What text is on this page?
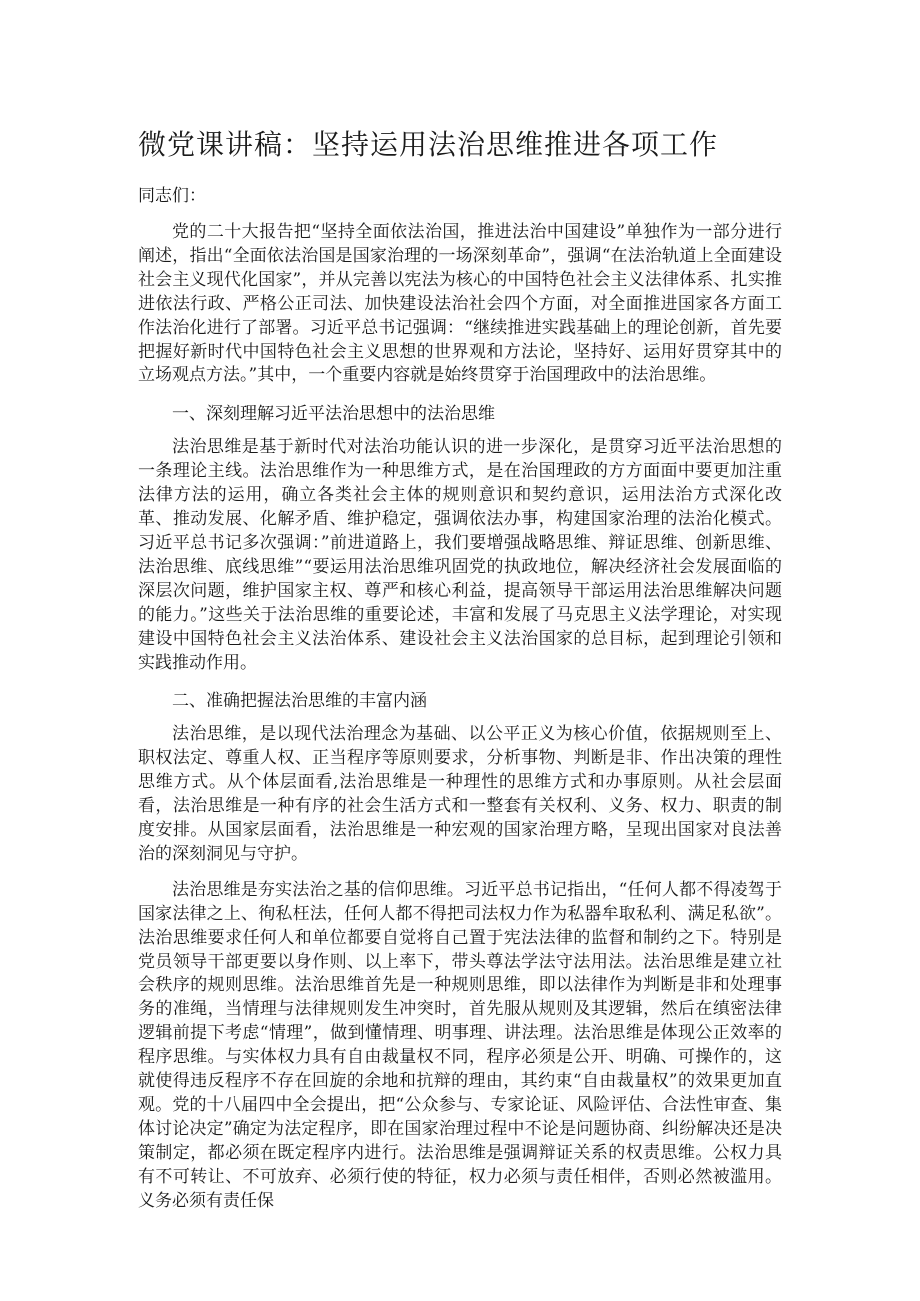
微党课讲稿：坚持运用法治思维推进各项工作

同志们：

党的二十大报告把“坚持全面依法治国，推进法治中国建设”单独作为一部分进行阐述，指出“全面依法治国是国家治理的一场深刻革命”，强调“在法治轨道上全面建设社会主义现代化国家”，并从完善以宪法为核心的中国特色社会主义法律体系、扎实推进依法行政、严格公正司法、加快建设法治社会四个方面，对全面推进国家各方面工作法治化进行了部署。习近平总书记强调：“继续推进实践基础上的理论创新，首先要把握好新时代中国特色社会主义思想的世界观和方法论，坚持好、运用好贯穿其中的立场观点方法。”其中，一个重要内容就是始终贯穿于治国理政中的法治思维。

一、深刻理解习近平法治思想中的法治思维

法治思维是基于新时代对法治功能认识的进一步深化，是贯穿习近平法治思想的一条理论主线。法治思维作为一种思维方式，是在治国理政的方方面面中要更加注重法律方法的运用，确立各类社会主体的规则意识和契约意识，运用法治方式深化改革、推动发展、化解矛盾、维护稳定，强调依法办事，构建国家治理的法治化模式。习近平总书记多次强调：”前进道路上，我们要增强战略思维、辩证思维、创新思维、法治思维、底线思维”“要运用法治思维巩固党的执政地位，解决经济社会发展面临的深层次问题，维护国家主权、尊严和核心利益，提高领导干部运用法治思维解决问题的能力。”这些关于法治思维的重要论述，丰富和发展了马克思主义法学理论，对实现建设中国特色社会主义法治体系、建设社会主义法治国家的总目标，起到理论引领和实践推动作用。

二、准确把握法治思维的丰富内涵

法治思维，是以现代法治理念为基础、以公平正义为核心价值，依据规则至上、职权法定、尊重人权、正当程序等原则要求，分析事物、判断是非、作出决策的理性思维方式。从个体层面看,法治思维是一种理性的思维方式和办事原则。从社会层面看，法治思维是一种有序的社会生活方式和一整套有关权利、义务、权力、职责的制度安排。从国家层面看，法治思维是一种宏观的国家治理方略，呈现出国家对良法善治的深刻洞见与守护。

法治思维是夯实法治之基的信仰思维。习近平总书记指出，“任何人都不得凌驾于国家法律之上、徇私枉法，任何人都不得把司法权力作为私器牟取私利、满足私欲”。法治思维要求任何人和单位都要自觉将自己置于宪法法律的监督和制约之下。特别是党员领导干部更要以身作则、以上率下，带头尊法学法守法用法。法治思维是建立社会秩序的规则思维。法治思维首先是一种规则思维，即以法律作为判断是非和处理事务的准绳，当情理与法律规则发生冲突时，首先服从规则及其逻辑，然后在缜密法律逻辑前提下考虑“情理”，做到懂情理、明事理、讲法理。法治思维是体现公正效率的程序思维。与实体权力具有自由裁量权不同，程序必须是公开、明确、可操作的，这就使得违反程序不存在回旋的余地和抗辩的理由，其约束“自由裁量权”的效果更加直观。党的十八届四中全会提出，把“公众参与、专家论证、风险评估、合法性审查、集体讨论决定”确定为法定程序，即在国家治理过程中不论是问题协商、纠纷解决还是决策制定，都必须在既定程序内进行。法治思维是强调辩证关系的权责思维。公权力具有不可转让、不可放弃、必须行使的特征，权力必须与责任相伴，否则必然被滥用。义务必须有责任保
